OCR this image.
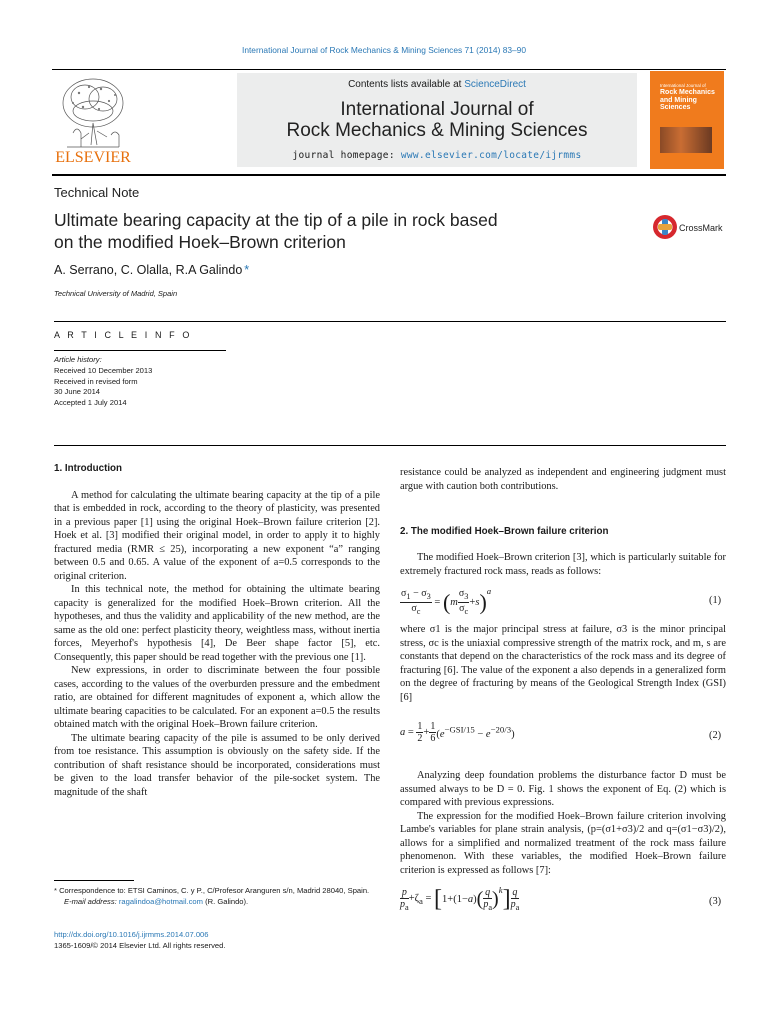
International Journal of Rock Mechanics & Mining Sciences 71 (2014) 83–90
ELSEVIER
Contents lists available at ScienceDirect
International Journal of
Rock Mechanics & Mining Sciences
journal homepage: www.elsevier.com/locate/ijrmms
International Journal of
Rock Mechanics and Mining Sciences
Technical Note
Ultimate bearing capacity at the tip of a pile in rock based
on the modified Hoek–Brown criterion
CrossMark
A. Serrano, C. Olalla, R.A Galindo *
Technical University of Madrid, Spain
A R T I C L E I N F O
Article history:
Received 10 December 2013
Received in revised form
30 June 2014
Accepted 1 July 2014
1. Introduction

A method for calculating the ultimate bearing capacity at the tip of a pile that is embedded in rock, according to the theory of plasticity, was presented in a previous paper [1] using the original Hoek–Brown failure criterion [2]. Hoek et al. [3] modified their original model, in order to apply it to highly fractured media (RMR ≤ 25), incorporating a new exponent “a” ranging between 0.5 and 0.65. A value of the exponent of a=0.5 corresponds to the original criterion.

In this technical note, the method for obtaining the ultimate bearing capacity is generalized for the modified Hoek–Brown criterion. All the hypotheses, and thus the validity and applicability of the new method, are the same as the old one: perfect plasticity theory, weightless mass, without inertia forces, Meyerhof's hypothesis [4], De Beer shape factor [5], etc. Consequently, this paper should be read together with the previous one [1].

New expressions, in order to discriminate between the four possible cases, according to the values of the overburden pressure and the embedment ratio, are obtained for different magnitudes of exponent a, which allow the ultimate bearing capacities to be calculated. For an exponent a=0.5 the results obtained match with the original Hoek–Brown failure criterion.

The ultimate bearing capacity of the pile is assumed to be only derived from toe resistance. This assumption is obviously on the safety side. If the contribution of shaft resistance should be incorporated, considerations must be given to the load transfer behavior of the pile-socket system. The magnitude of the shaft

* Correspondence to: ETSI Caminos, C. y P., C/Profesor Aranguren s/n, Madrid 28040, Spain.
E-mail address: ragalindoa@hotmail.com (R. Galindo).
http://dx.doi.org/10.1016/j.ijrmms.2014.07.006
1365-1609/© 2014 Elsevier Ltd. All rights reserved.

resistance could be analyzed as independent and engineering judgment must argue with caution both contributions.

2. The modified Hoek–Brown failure criterion

The modified Hoek–Brown criterion [3], which is particularly suitable for extremely fractured rock mass, reads as follows:

$\frac{\sigma_1 - \sigma_3}{\sigma_c} = (m \frac{\sigma_3}{\sigma_c} +s)^a$
(1)

where σ1 is the major principal stress at failure, σ3 is the minor principal stress, σc is the uniaxial compressive strength of the matrix rock, and m, s are constants that depend on the characteristics of the rock mass and its degree of fracturing [6]. The value of the exponent a also depends in a generalized form on the degree of fracturing by means of the Geological Strength Index (GSI) [6]

$a = \frac{1}{2} + \frac{1}{6} (e^{-GSI/15} - e^{-20/3})$	(2)

Analyzing deep foundation problems the disturbance factor D must be assumed always to be D = 0. Fig. 1 shows the exponent of Eq. (2) which is compared with previous expressions.

The expression for the modified Hoek–Brown failure criterion involving Lambe's variables for plane strain analysis, (p=(σ1+σ3)/2 and q=(σ1−σ3)/2), allows for a simplified and normalized treatment of the rock mass failure phenomenon. With these variables, the modified Hoek–Brown failure criterion is expressed as follows [7]:

$\frac{p}{p_a} +\zeta_a = [1+(1-a)( \frac{q}{p_a} )^k] \frac{q}{p_a}$	(3)
